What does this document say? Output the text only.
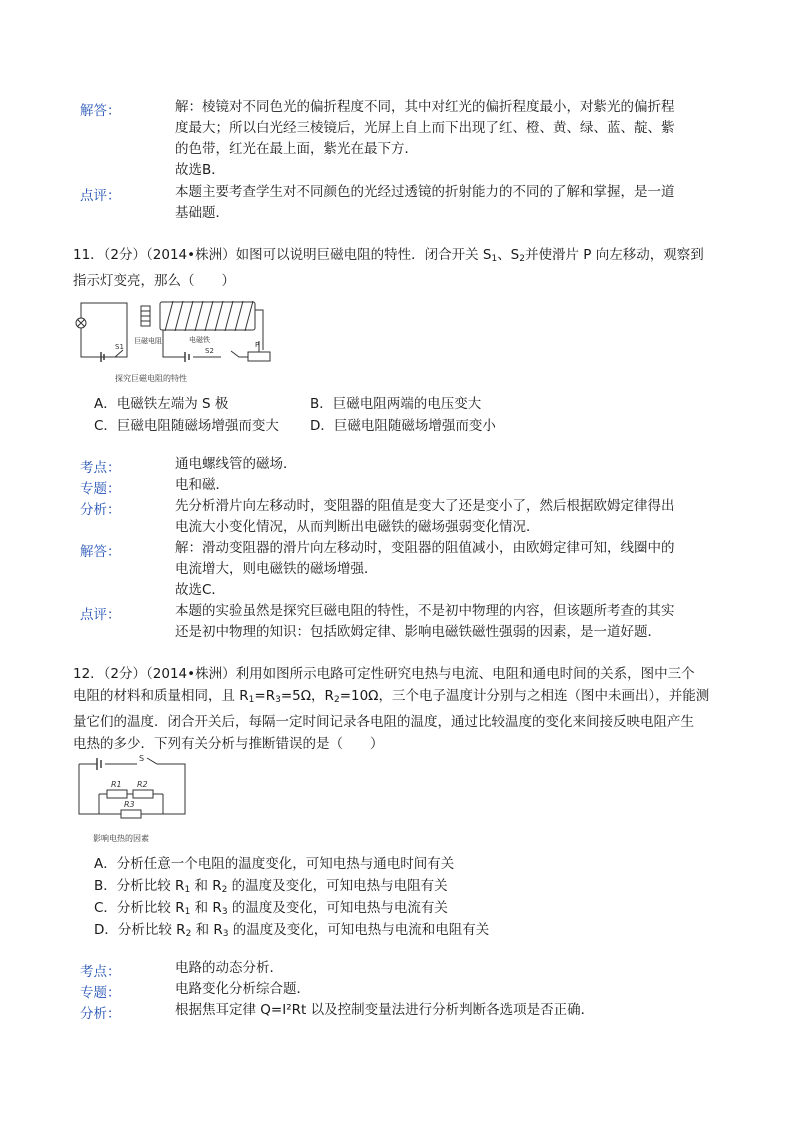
解答：	解：棱镜对不同色光的偏折程度不同，其中对红光的偏折程度最小，对紫光的偏折程
度最大；所以白光经三棱镜后，光屏上自上而下出现了红、橙、黄、绿、蓝、靛、紫
的色带，红光在最上面，紫光在最下方．
故选B．
点评：	本题主要考查学生对不同颜色的光经过透镜的折射能力的不同的了解和掌握，是一道
基础题．
11．（2分）（2014•株洲）如图可以说明巨磁电阻的特性．闭合开关 $S_1$、$S_2$并使滑片 P 向左移动，观察到
指示灯变亮，那么（　　）
巨磁电阻	电磁铁
S2
S1	P
探究巨磁电阻的特性
A．电磁铁左端为 S 极	B．巨磁电阻两端的电压变大
C．巨磁电阻随磁场增强而变大 D．巨磁电阻随磁场增强而变小
考点：	通电螺线管的磁场．
专题：	电和磁．
分析：	先分析滑片向左移动时，变阻器的阻值是变大了还是变小了，然后根据欧姆定律得出
电流大小变化情况，从而判断出电磁铁的磁场强弱变化情况．
解答：	解：滑动变阻器的滑片向左移动时，变阻器的阻值减小，由欧姆定律可知，线圈中的
电流增大，则电磁铁的磁场增强．
故选C．
点评：	本题的实验虽然是探究巨磁电阻的特性，不是初中物理的内容，但该题所考查的其实
还是初中物理的知识：包括欧姆定律、影响电磁铁磁性强弱的因素，是一道好题．
12．（2分）（2014•株洲）利用如图所示电路可定性研究电热与电流、电阻和通电时间的关系，图中三个
电阻的材料和质量相同，且 $R_1=R_3=5\Omega$，$R_2=10\Omega$，三个电子温度计分别与之相连（图中未画出），并能测
量它们的温度．闭合开关后，每隔一定时间记录各电阻的温度，通过比较温度的变化来间接反映电阻产生
电热的多少．下列有关分析与推断错误的是（　　）
S
R1 R2
R3
影响电热的因素
A．分析任意一个电阻的温度变化，可知电热与通电时间有关
B．分析比较 $R_1$ 和 $R_2$ 的温度及变化，可知电热与电阻有关
C．分析比较 $R_1$ 和 $R_3$ 的温度及变化，可知电热与电流有关
D．分析比较 $R_2$ 和 $R_3$ 的温度及变化，可知电热与电流和电阻有关
考点：	电路的动态分析．
专题：	电路变化分析综合题．
分析：	根据焦耳定律 Q=I²Rt 以及控制变量法进行分析判断各选项是否正确．
